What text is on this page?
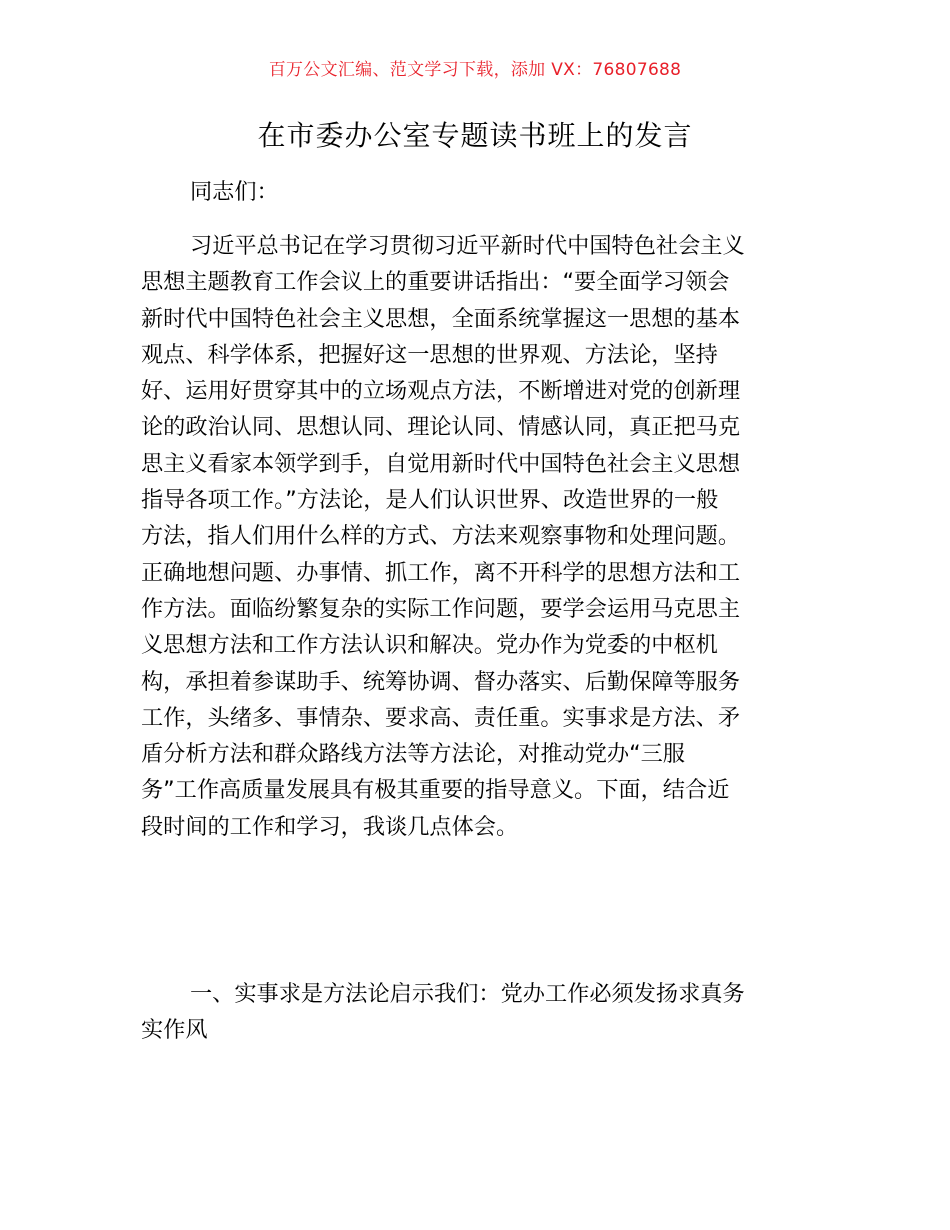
百万公文汇编、范文学习下载，添加 VX：76807688
在市委办公室专题读书班上的发言
同志们：
习近平总书记在学习贯彻习近平新时代中国特色社会主义
思想主题教育工作会议上的重要讲话指出：“要全面学习领会
新时代中国特色社会主义思想，全面系统掌握这一思想的基本
观点、科学体系，把握好这一思想的世界观、方法论，坚持
好、运用好贯穿其中的立场观点方法，不断增进对党的创新理
论的政治认同、思想认同、理论认同、情感认同，真正把马克
思主义看家本领学到手，自觉用新时代中国特色社会主义思想
指导各项工作。”方法论，是人们认识世界、改造世界的一般
方法，指人们用什么样的方式、方法来观察事物和处理问题。
正确地想问题、办事情、抓工作，离不开科学的思想方法和工
作方法。面临纷繁复杂的实际工作问题，要学会运用马克思主
义思想方法和工作方法认识和解决。党办作为党委的中枢机
构，承担着参谋助手、统筹协调、督办落实、后勤保障等服务
工作，头绪多、事情杂、要求高、责任重。实事求是方法、矛
盾分析方法和群众路线方法等方法论，对推动党办“三服
务”工作高质量发展具有极其重要的指导意义。下面，结合近
段时间的工作和学习，我谈几点体会。
一、实事求是方法论启示我们：党办工作必须发扬求真务
实作风
